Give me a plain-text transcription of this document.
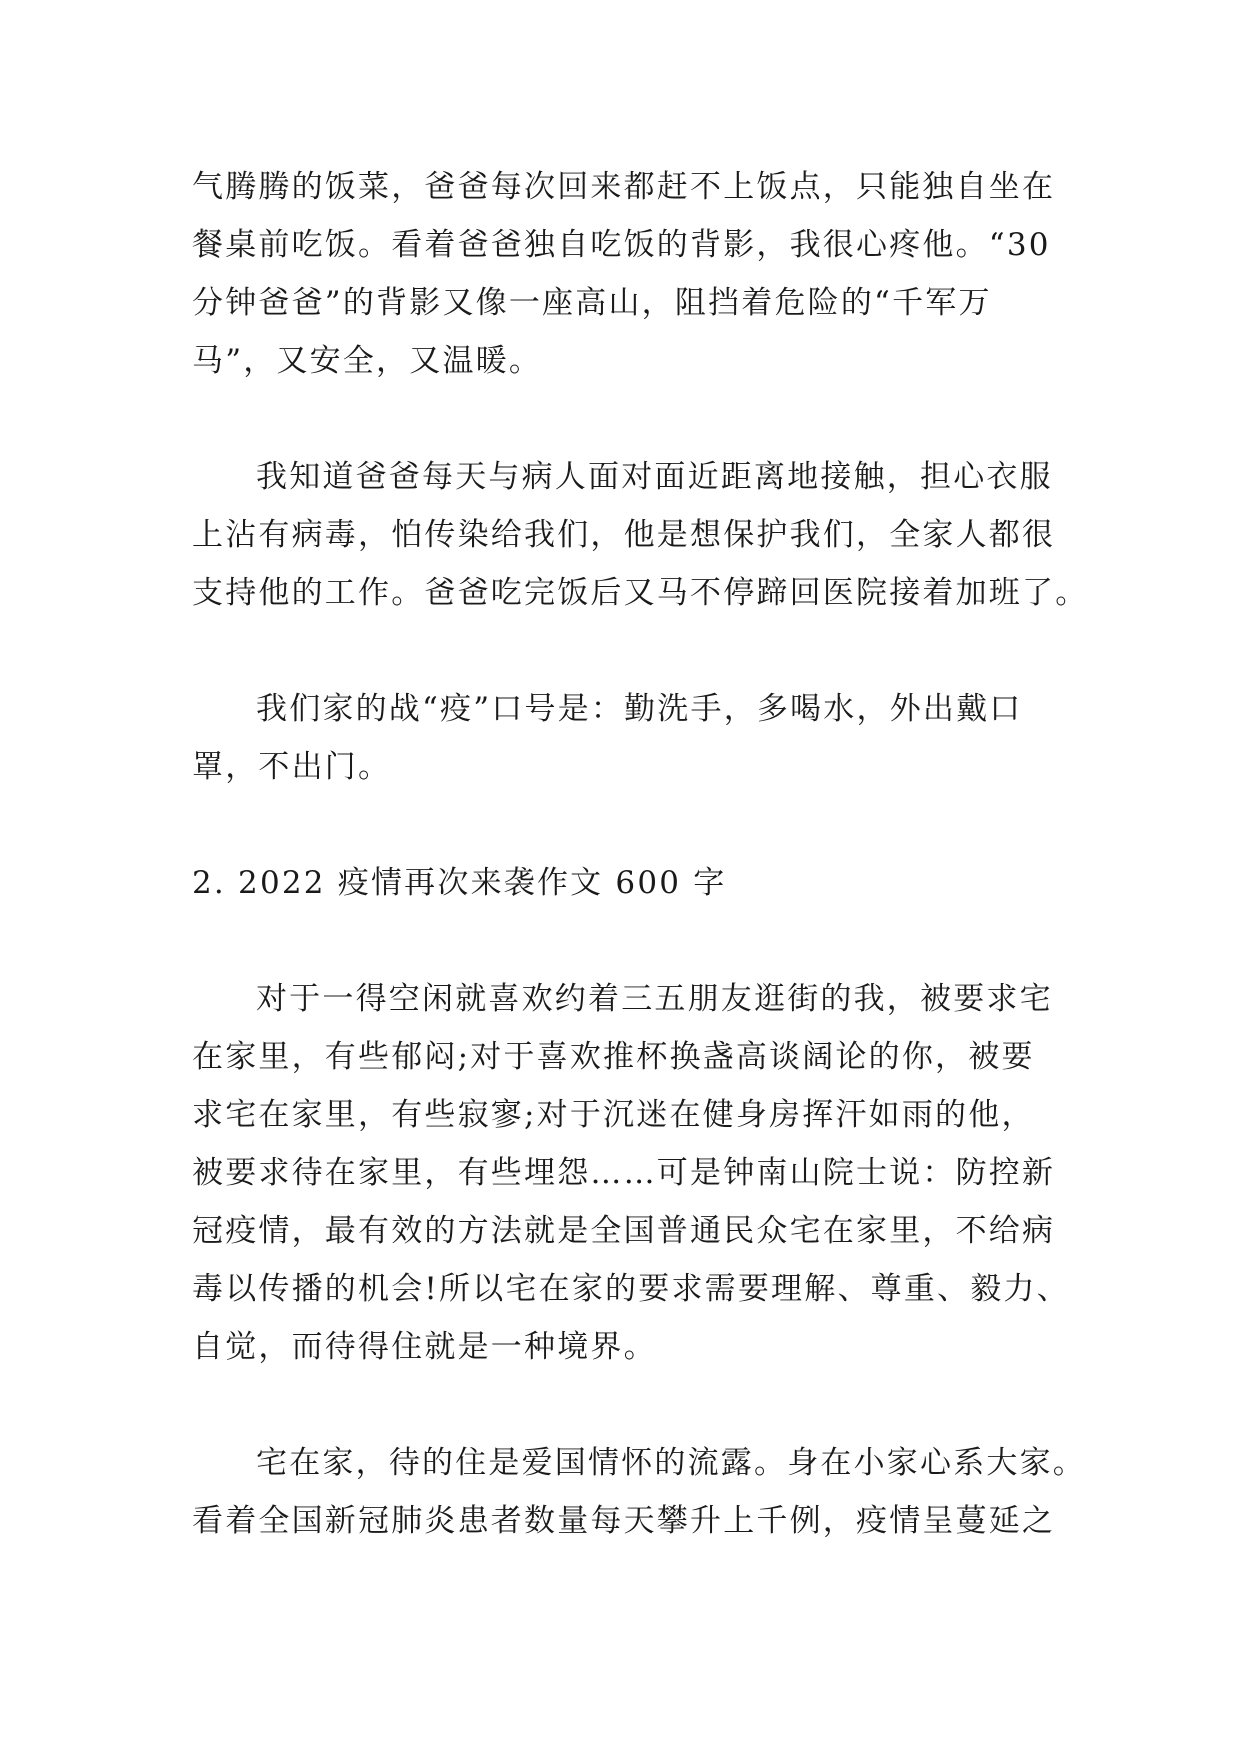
气腾腾的饭菜，爸爸每次回来都赶不上饭点，只能独自坐在
餐桌前吃饭。看着爸爸独自吃饭的背影，我很心疼他。“30
分钟爸爸”的背影又像一座高山，阻挡着危险的“千军万
马”，又安全，又温暖。
我知道爸爸每天与病人面对面近距离地接触，担心衣服
上沾有病毒，怕传染给我们，他是想保护我们，全家人都很
支持他的工作。爸爸吃完饭后又马不停蹄回医院接着加班了。
我们家的战“疫”口号是：勤洗手，多喝水，外出戴口
罩，不出门。
2. 2022 疫情再次来袭作文 600 字
对于一得空闲就喜欢约着三五朋友逛街的我，被要求宅
在家里，有些郁闷;对于喜欢推杯换盏高谈阔论的你，被要
求宅在家里，有些寂寥;对于沉迷在健身房挥汗如雨的他，
被要求待在家里，有些埋怨……可是钟南山院士说：防控新
冠疫情，最有效的方法就是全国普通民众宅在家里，不给病
毒以传播的机会!所以宅在家的要求需要理解、尊重、毅力、
自觉，而待得住就是一种境界。
宅在家，待的住是爱国情怀的流露。身在小家心系大家。
看着全国新冠肺炎患者数量每天攀升上千例，疫情呈蔓延之
